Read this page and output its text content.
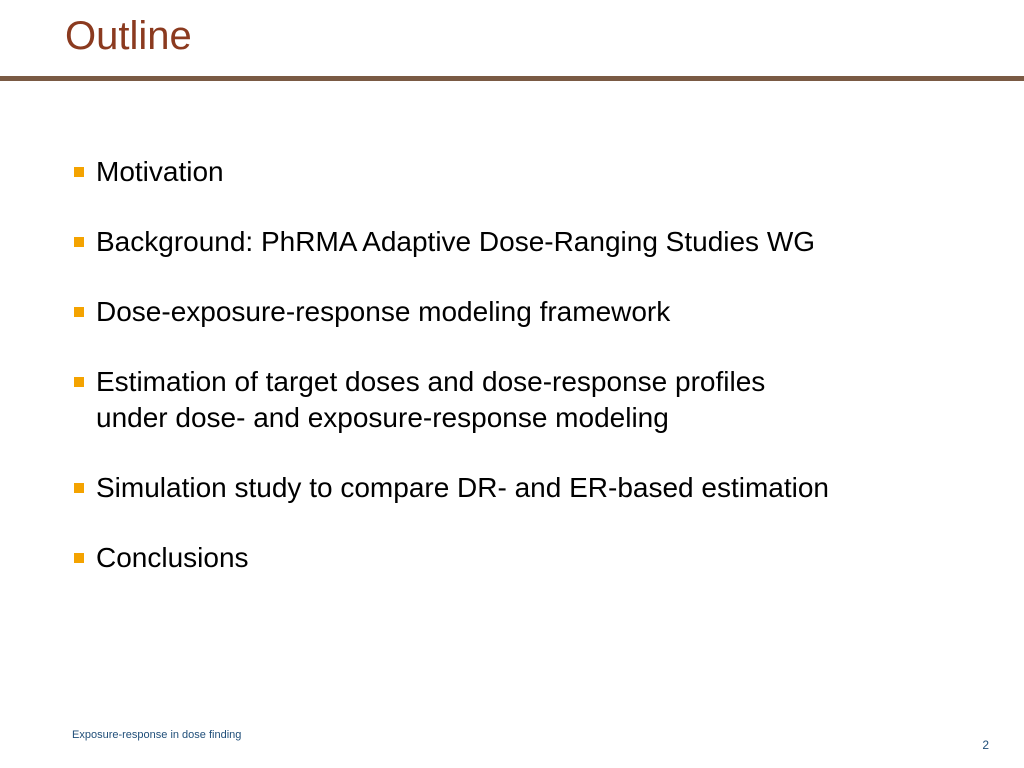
Outline
Motivation
Background: PhRMA Adaptive Dose-Ranging Studies WG
Dose-exposure-response modeling framework
Estimation of target doses and dose-response profiles
under dose- and exposure-response modeling
Simulation study to compare DR- and ER-based estimation
Conclusions
Exposure-response in dose finding
2
